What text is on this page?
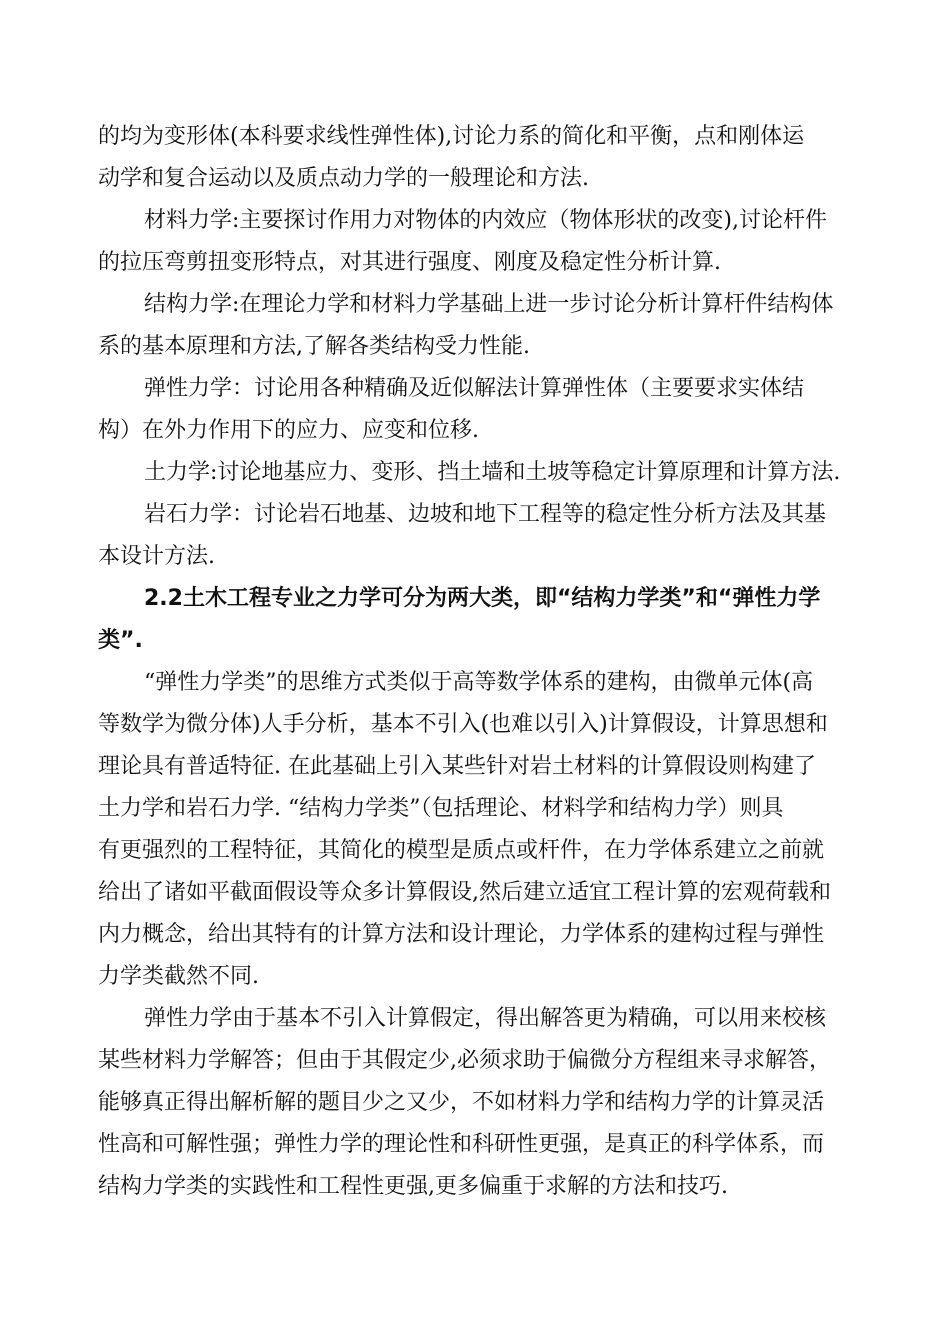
的均为变形体(本科要求线性弹性体),讨论力系的简化和平衡，点和刚体运
动学和复合运动以及质点动力学的一般理论和方法.
材料力学:主要探讨作用力对物体的内效应（物体形状的改变),讨论杆件
的拉压弯剪扭变形特点，对其进行强度、刚度及稳定性分析计算.
结构力学:在理论力学和材料力学基础上进一步讨论分析计算杆件结构体
系的基本原理和方法,了解各类结构受力性能.
弹性力学：讨论用各种精确及近似解法计算弹性体（主要要求实体结
构）在外力作用下的应力、应变和位移.
土力学:讨论地基应力、变形、挡土墙和土坡等稳定计算原理和计算方法.
岩石力学：讨论岩石地基、边坡和地下工程等的稳定性分析方法及其基
本设计方法.
2.2土木工程专业之力学可分为两大类，即“结构力学类”和“弹性力学
类”.
“弹性力学类”的思维方式类似于高等数学体系的建构，由微单元体(高
等数学为微分体)人手分析，基本不引入(也难以引入)计算假设，计算思想和
理论具有普适特征. 在此基础上引入某些针对岩土材料的计算假设则构建了
土力学和岩石力学. “结构力学类”（包括理论、材料学和结构力学）则具
有更强烈的工程特征，其简化的模型是质点或杆件，在力学体系建立之前就
给出了诸如平截面假设等众多计算假设,然后建立适宜工程计算的宏观荷载和
内力概念，给出其特有的计算方法和设计理论，力学体系的建构过程与弹性
力学类截然不同.
弹性力学由于基本不引入计算假定，得出解答更为精确，可以用来校核
某些材料力学解答；但由于其假定少,必须求助于偏微分方程组来寻求解答，
能够真正得出解析解的题目少之又少，不如材料力学和结构力学的计算灵活
性高和可解性强；弹性力学的理论性和科研性更强，是真正的科学体系，而
结构力学类的实践性和工程性更强,更多偏重于求解的方法和技巧.
